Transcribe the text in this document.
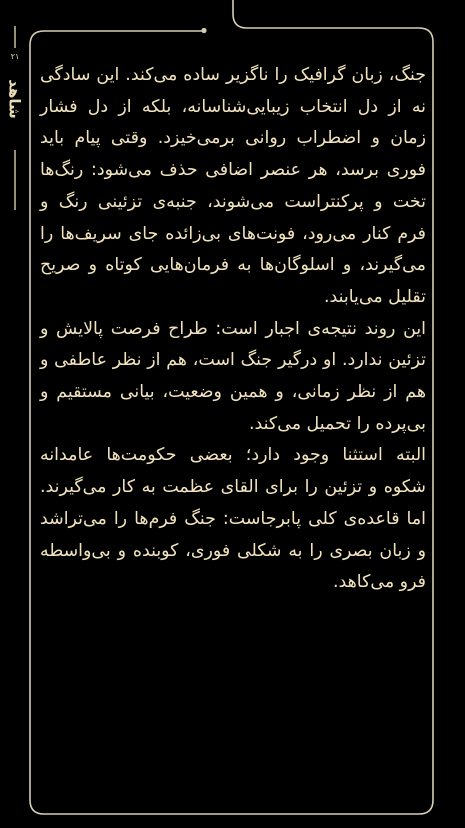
۲۱
شاهد

جنگ، زبان گرافیک را ناگزیر ساده می‌کند. این سادگی نه از دل انتخاب زیبایی‌شناسانه، بلکه از دل فشار زمان و اضطراب روانی برمی‌خیزد. وقتی پیام باید فوری برسد، هر عنصر اضافی حذف می‌شود: رنگ‌ها تخت و پرکنتراست می‌شوند، جنبه‌ی تزئینی رنگ و فرم کنار می‌رود، فونت‌های بی‌زائده جای سریف‌ها را می‌گیرند، و اسلوگان‌ها به فرمان‌هایی کوتاه و صریح تقلیل می‌یابند.

این روند نتیجه‌ی اجبار است: طراح فرصت پالایش و تزئین ندارد. او درگیر جنگ است، هم از نظر عاطفی و هم از نظر زمانی، و همین وضعیت، بیانی مستقیم و بی‌پرده را تحمیل می‌کند.

البته استثنا وجود دارد؛ بعضی حکومت‌ها عامدانه شکوه و تزئین را برای القای عظمت به کار می‌گیرند. اما قاعده‌ی کلی پابرجاست: جنگ فرم‌ها را می‌تراشد و زبان بصری را به شکلی فوری، کوبنده و بی‌واسطه فرو می‌کاهد.
